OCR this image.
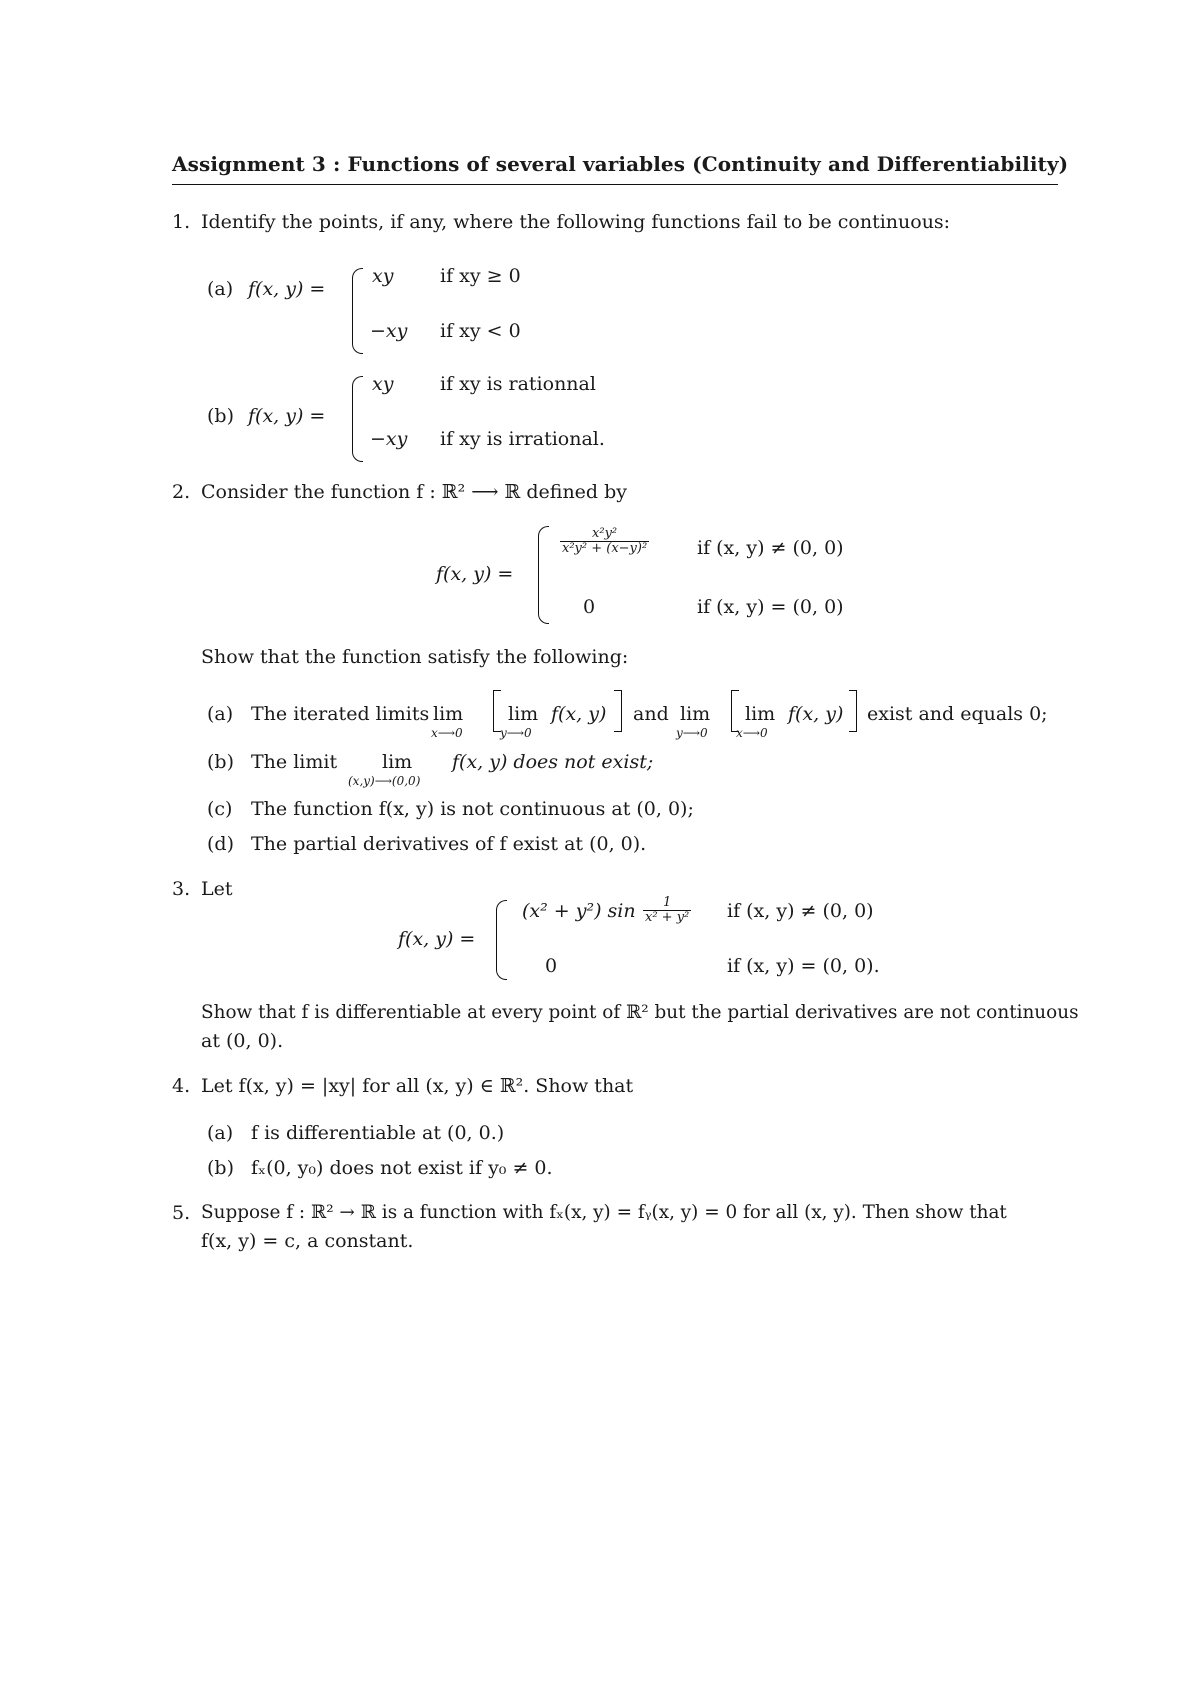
Assignment 3 : Functions of several variables (Continuity and Differentiability)
1. Identify the points, if any, where the following functions fail to be continuous:
(a) f(x, y) =
xy if xy ≥ 0
−xy if xy < 0
(b) f(x, y) =
xy if xy is rationnal
−xy if xy is irrational.
2. Consider the function f : ℝ² ⟶ ℝ defined by
f(x, y) =
$\frac{\text{x²y²}}{\text{x²y² + (x−y)²}}$	if (x, y) ≠ (0, 0)
0	if (x, y) = (0, 0)
Show that the function satisfy the following:
(a) The iterated limits lim
x⟶0
lim
y⟶0
f(x, y) and lim
y⟶0
lim
x⟶0
f(x, y) exist and equals 0;
(b) The limit lim
(x,y)⟶(0,0)
f(x, y) does not exist;
(c) The function f(x, y) is not continuous at (0, 0);
(d) The partial derivatives of f exist at (0, 0).
3. Let
f(x, y) =
(x² + y²) $\sin \frac{1}{\text{x² + y²}}$ if (x, y) ≠ (0, 0)
0	if (x, y) = (0, 0).
Show that f is differentiable at every point of ℝ² but the partial derivatives are not continuous
at (0, 0).
4. Let f(x, y) = |xy| for all (x, y) ∈ ℝ². Show that
(a) f is differentiable at (0, 0.)
(b) fₓ(0, y₀) does not exist if y₀ ≠ 0.
5. Suppose f : ℝ² → ℝ is a function with fₓ(x, y) = fᵧ(x, y) = 0 for all (x, y). Then show that
f(x, y) = c, a constant.
